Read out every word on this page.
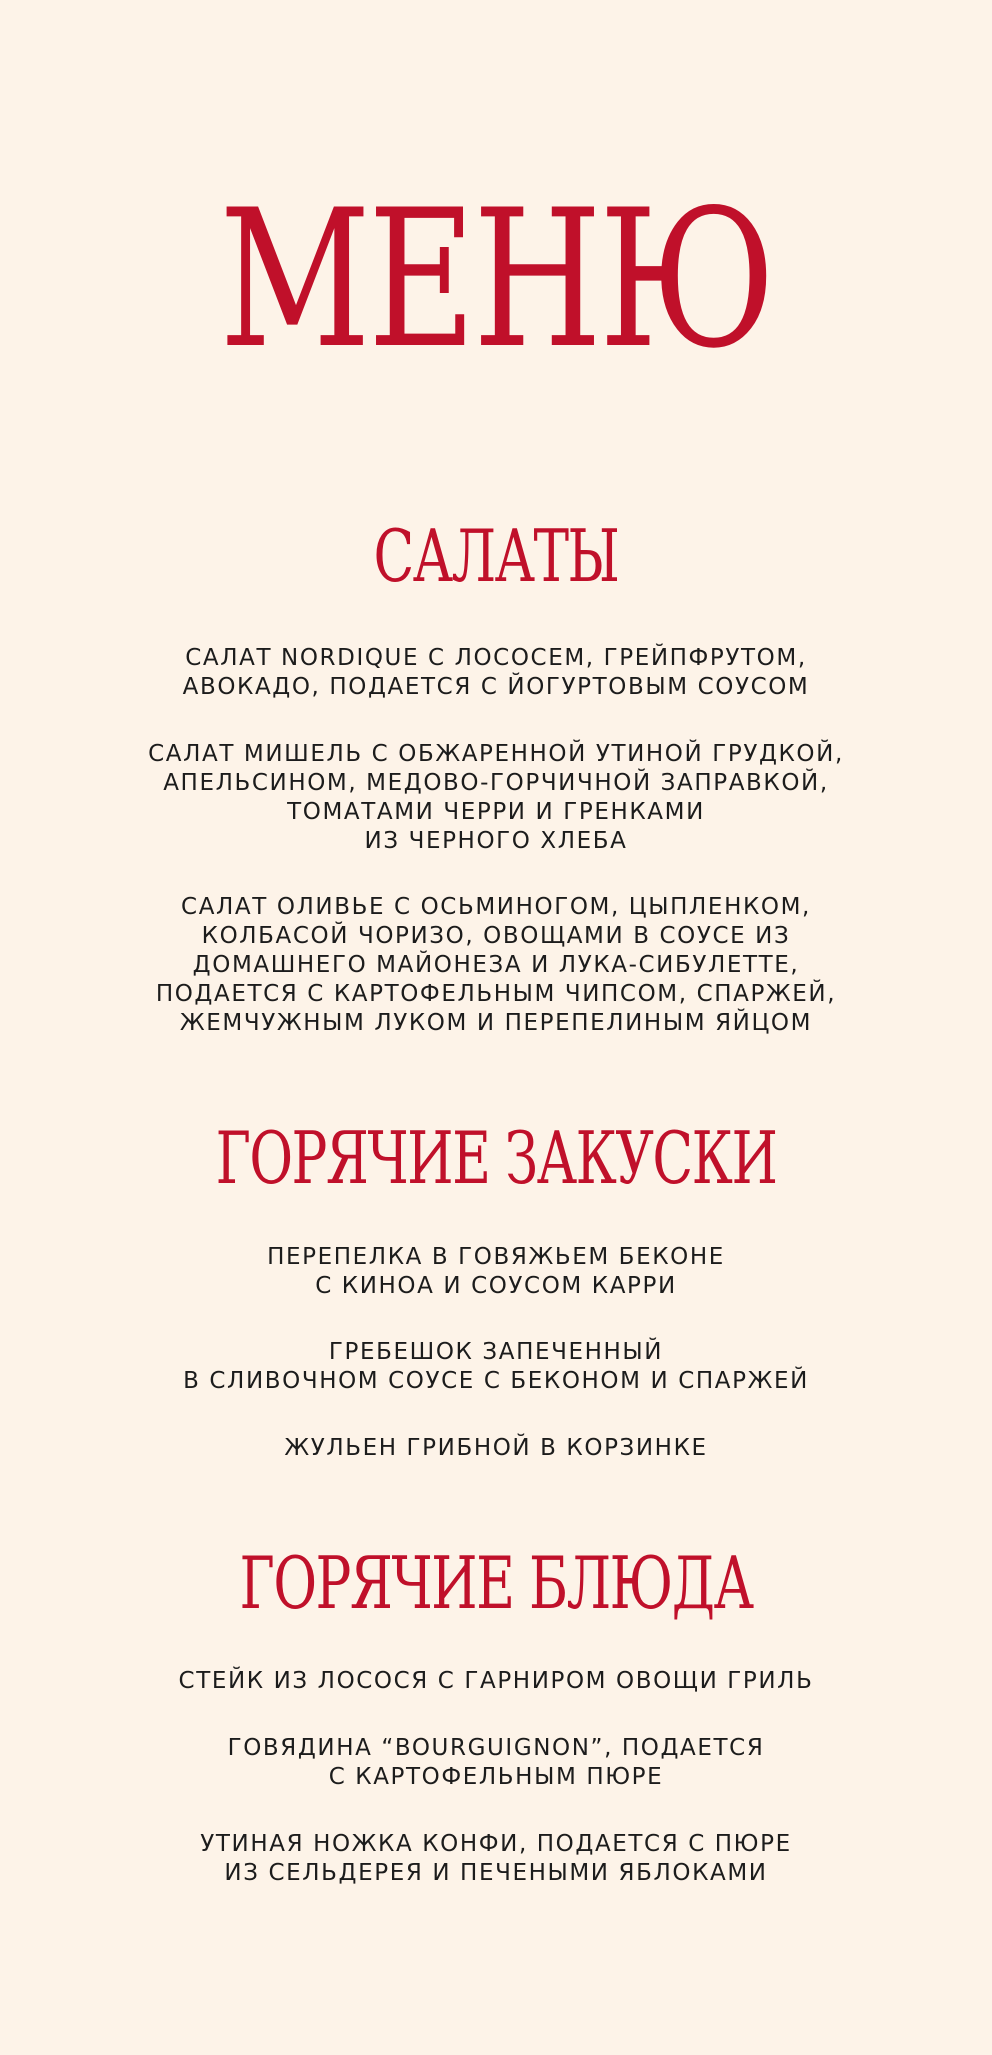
МЕНЮ
САЛАТЫ
САЛАТ NORDIQUE С ЛОСОСЕМ, ГРЕЙПФРУТОМ,
АВОКАДО, ПОДАЕТСЯ С ЙОГУРТОВЫМ СОУСОМ
САЛАТ МИШЕЛЬ С ОБЖАРЕННОЙ УТИНОЙ ГРУДКОЙ,
АПЕЛЬСИНОМ, МЕДОВО-ГОРЧИЧНОЙ ЗАПРАВКОЙ,
ТОМАТАМИ ЧЕРРИ И ГРЕНКАМИ
ИЗ ЧЕРНОГО ХЛЕБА
САЛАТ ОЛИВЬЕ С ОСЬМИНОГОМ, ЦЫПЛЕНКОМ,
КОЛБАСОЙ ЧОРИЗО, ОВОЩАМИ В СОУСЕ ИЗ
ДОМАШНЕГО МАЙОНЕЗА И ЛУКА-СИБУЛЕТТЕ,
ПОДАЕТСЯ С КАРТОФЕЛЬНЫМ ЧИПСОМ, СПАРЖЕЙ,
ЖЕМЧУЖНЫМ ЛУКОМ И ПЕРЕПЕЛИНЫМ ЯЙЦОМ
ГОРЯЧИЕ ЗАКУСКИ
ПЕРЕПЕЛКА В ГОВЯЖЬЕМ БЕКОНЕ
С КИНОА И СОУСОМ КАРРИ
ГРЕБЕШОК ЗАПЕЧЕННЫЙ
В СЛИВОЧНОМ СОУСЕ С БЕКОНОМ И СПАРЖЕЙ
ЖУЛЬЕН ГРИБНОЙ В КОРЗИНКЕ
ГОРЯЧИЕ БЛЮДА
СТЕЙК ИЗ ЛОСОСЯ С ГАРНИРОМ ОВОЩИ ГРИЛЬ
ГОВЯДИНА “BOURGUIGNON”, ПОДАЕТСЯ
С КАРТОФЕЛЬНЫМ ПЮРЕ
УТИНАЯ НОЖКА КОНФИ, ПОДАЕТСЯ С ПЮРЕ
ИЗ СЕЛЬДЕРЕЯ И ПЕЧЕНЫМИ ЯБЛОКАМИ
